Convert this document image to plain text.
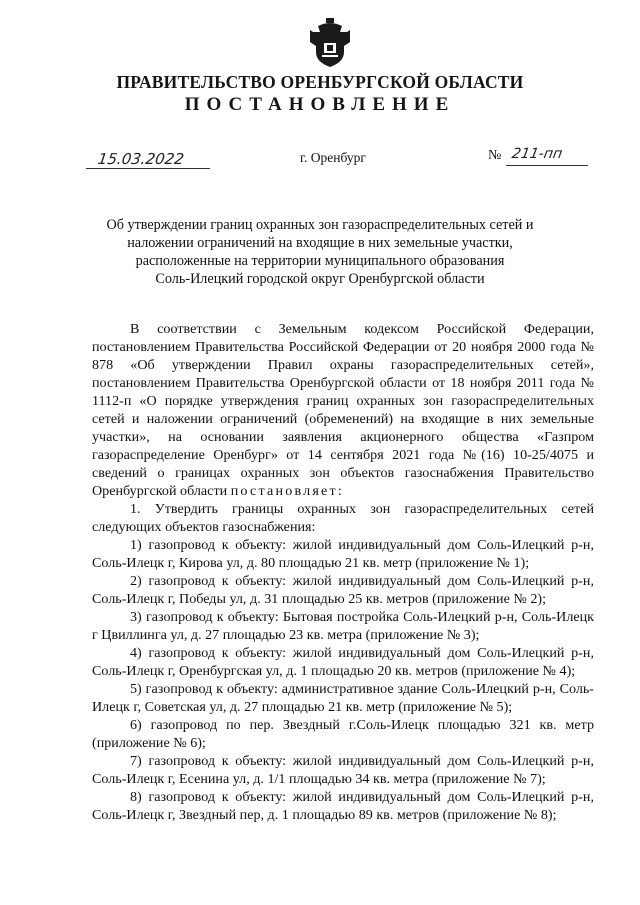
ПРАВИТЕЛЬСТВО ОРЕНБУРГСКОЙ ОБЛАСТИ
ПОСТАНОВЛЕНИЕ
15.03.2022	г. Оренбург	№ 211-пп
Об утверждении границ охранных зон газораспределительных сетей и
наложении ограничений на входящие в них земельные участки,
расположенные на территории муниципального образования
Соль-Илецкий городской округ Оренбургской области

В соответствии с Земельным кодексом Российской Федерации, постановлением Правительства Российской Федерации от 20 ноября 2000 года № 878 «Об утверждении Правил охраны газораспределительных сетей», постановлением Правительства Оренбургской области от 18 ноября 2011 года № 1112-п «О порядке утверждения границ охранных зон газораспределительных сетей и наложении ограничений (обременений) на входящие в них земельные участки», на основании заявления акционерного общества «Газпром газораспределение Оренбург» от 14 сентября 2021 года №(16) 10-25/4075 и сведений о границах охранных зон объектов газоснабжения Правительство Оренбургской области постановляет:

1. Утвердить границы охранных зон газораспределительных сетей следующих объектов газоснабжения:

1) газопровод к объекту: жилой индивидуальный дом Соль-Илецкий р-н, Соль-Илецк г, Кирова ул, д. 80 площадью 21 кв. метр (приложение № 1);

2) газопровод к объекту: жилой индивидуальный дом Соль-Илецкий р-н, Соль-Илецк г, Победы ул, д. 31 площадью 25 кв. метров (приложение № 2);

3) газопровод к объекту: Бытовая постройка Соль-Илецкий р-н, Соль-Илецк г Цвиллинга ул, д. 27 площадью 23 кв. метра (приложение № 3);

4) газопровод к объекту: жилой индивидуальный дом Соль-Илецкий р-н, Соль-Илецк г, Оренбургская ул, д. 1 площадью 20 кв. метров (приложение № 4);

5) газопровод к объекту: административное здание Соль-Илецкий р-н, Соль-Илецк г, Советская ул, д. 27 площадью 21 кв. метр (приложение № 5);

6) газопровод по пер. Звездный г.Соль-Илецк площадью 321 кв. метр (приложение № 6);

7) газопровод к объекту: жилой индивидуальный дом Соль-Илецкий р-н, Соль-Илецк г, Есенина ул, д. 1/1 площадью 34 кв. метра (приложение № 7);

8) газопровод к объекту: жилой индивидуальный дом Соль-Илецкий р-н, Соль-Илецк г, Звездный пер, д. 1 площадью 89 кв. метров (приложение № 8);
